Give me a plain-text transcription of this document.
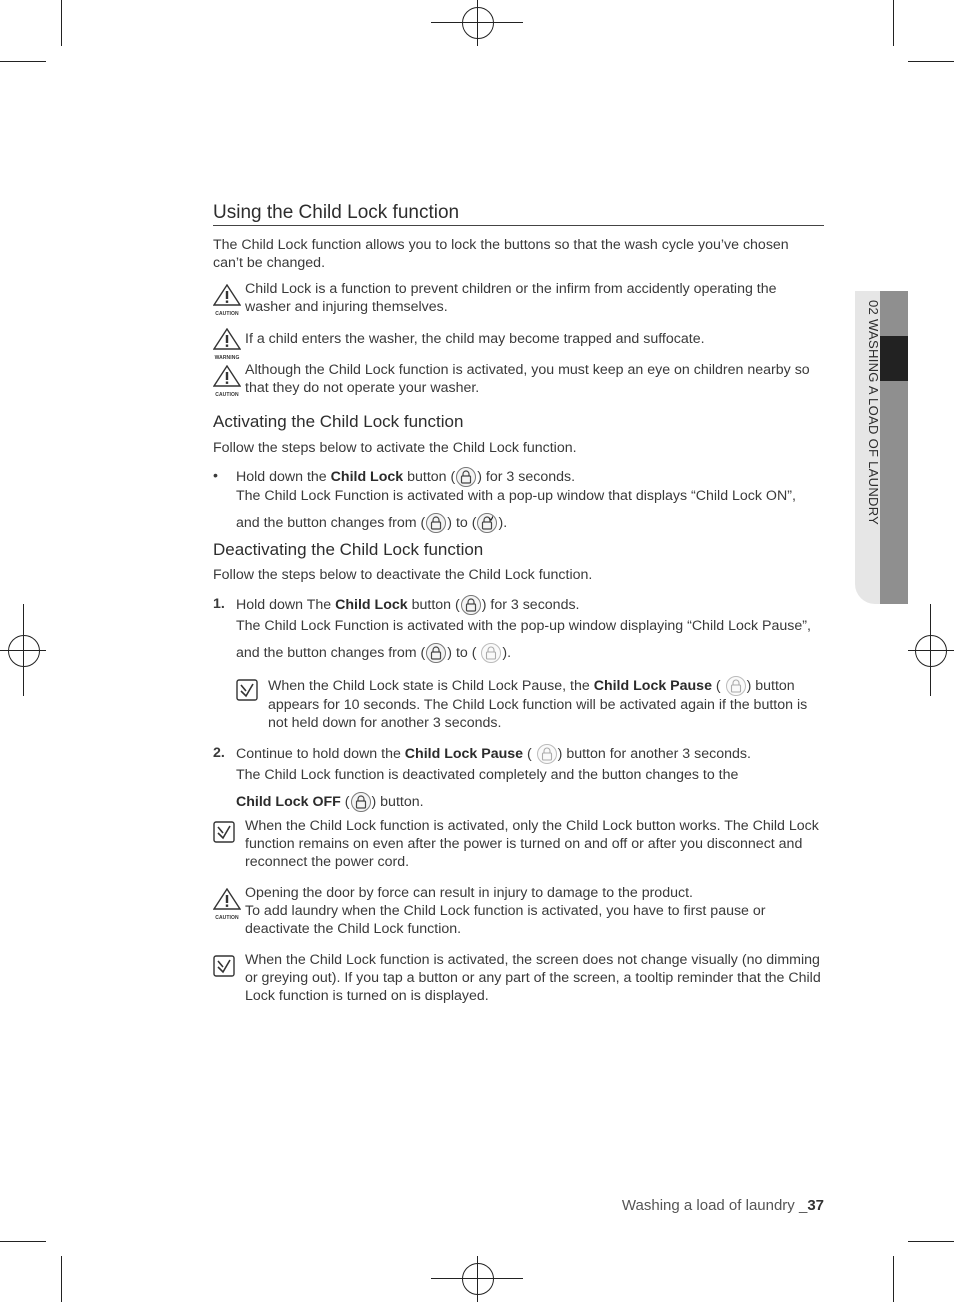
02 WASHING A LOAD OF LAUNDRY
Using the Child Lock function

The Child Lock function allows you to lock the buttons so that the wash cycle you’ve chosen can’t be changed.

CAUTION

Child Lock is a function to prevent children or the infirm from accidently operating the washer and injuring themselves.

WARNING

If a child enters the washer, the child may become trapped and suffocate.

CAUTION

Although the Child Lock function is activated, you must keep an eye on children nearby so that they do not operate your washer.

Activating the Child Lock function

Follow the steps below to activate the Child Lock function.

• Hold down the Child Lock button ( ) for 3 seconds.

The Child Lock Function is activated with a pop-up window that displays “Child Lock ON”,

and the button changes from ( ) to ( ).

Deactivating the Child Lock function

Follow the steps below to deactivate the Child Lock function.

1. Hold down The Child Lock button ( ) for 3 seconds.

The Child Lock Function is activated with the pop-up window displaying “Child Lock Pause”,

and the button changes from ( ) to (
).

When the Child Lock state is Child Lock Pause, the Child Lock Pause (
) button appears for 10 seconds. The Child Lock function will be activated again if the button is not held down for another 3 seconds.

2. Continue to hold down the Child Lock Pause (
) button for another 3 seconds.

The Child Lock function is deactivated completely and the button changes to the

Child Lock OFF ( ) button.

When the Child Lock function is activated, only the Child Lock button works. The Child Lock function remains on even after the power is turned on and off or after you disconnect and reconnect the power cord.

CAUTION

Opening the door by force can result in injury to damage to the product.

To add laundry when the Child Lock function is activated, you have to first pause or deactivate the Child Lock function.

When the Child Lock function is activated, the screen does not change visually (no dimming or greying out). If you tap a button or any part of the screen, a tooltip reminder that the Child Lock function is turned on is displayed.

Washing a load of laundry _37
